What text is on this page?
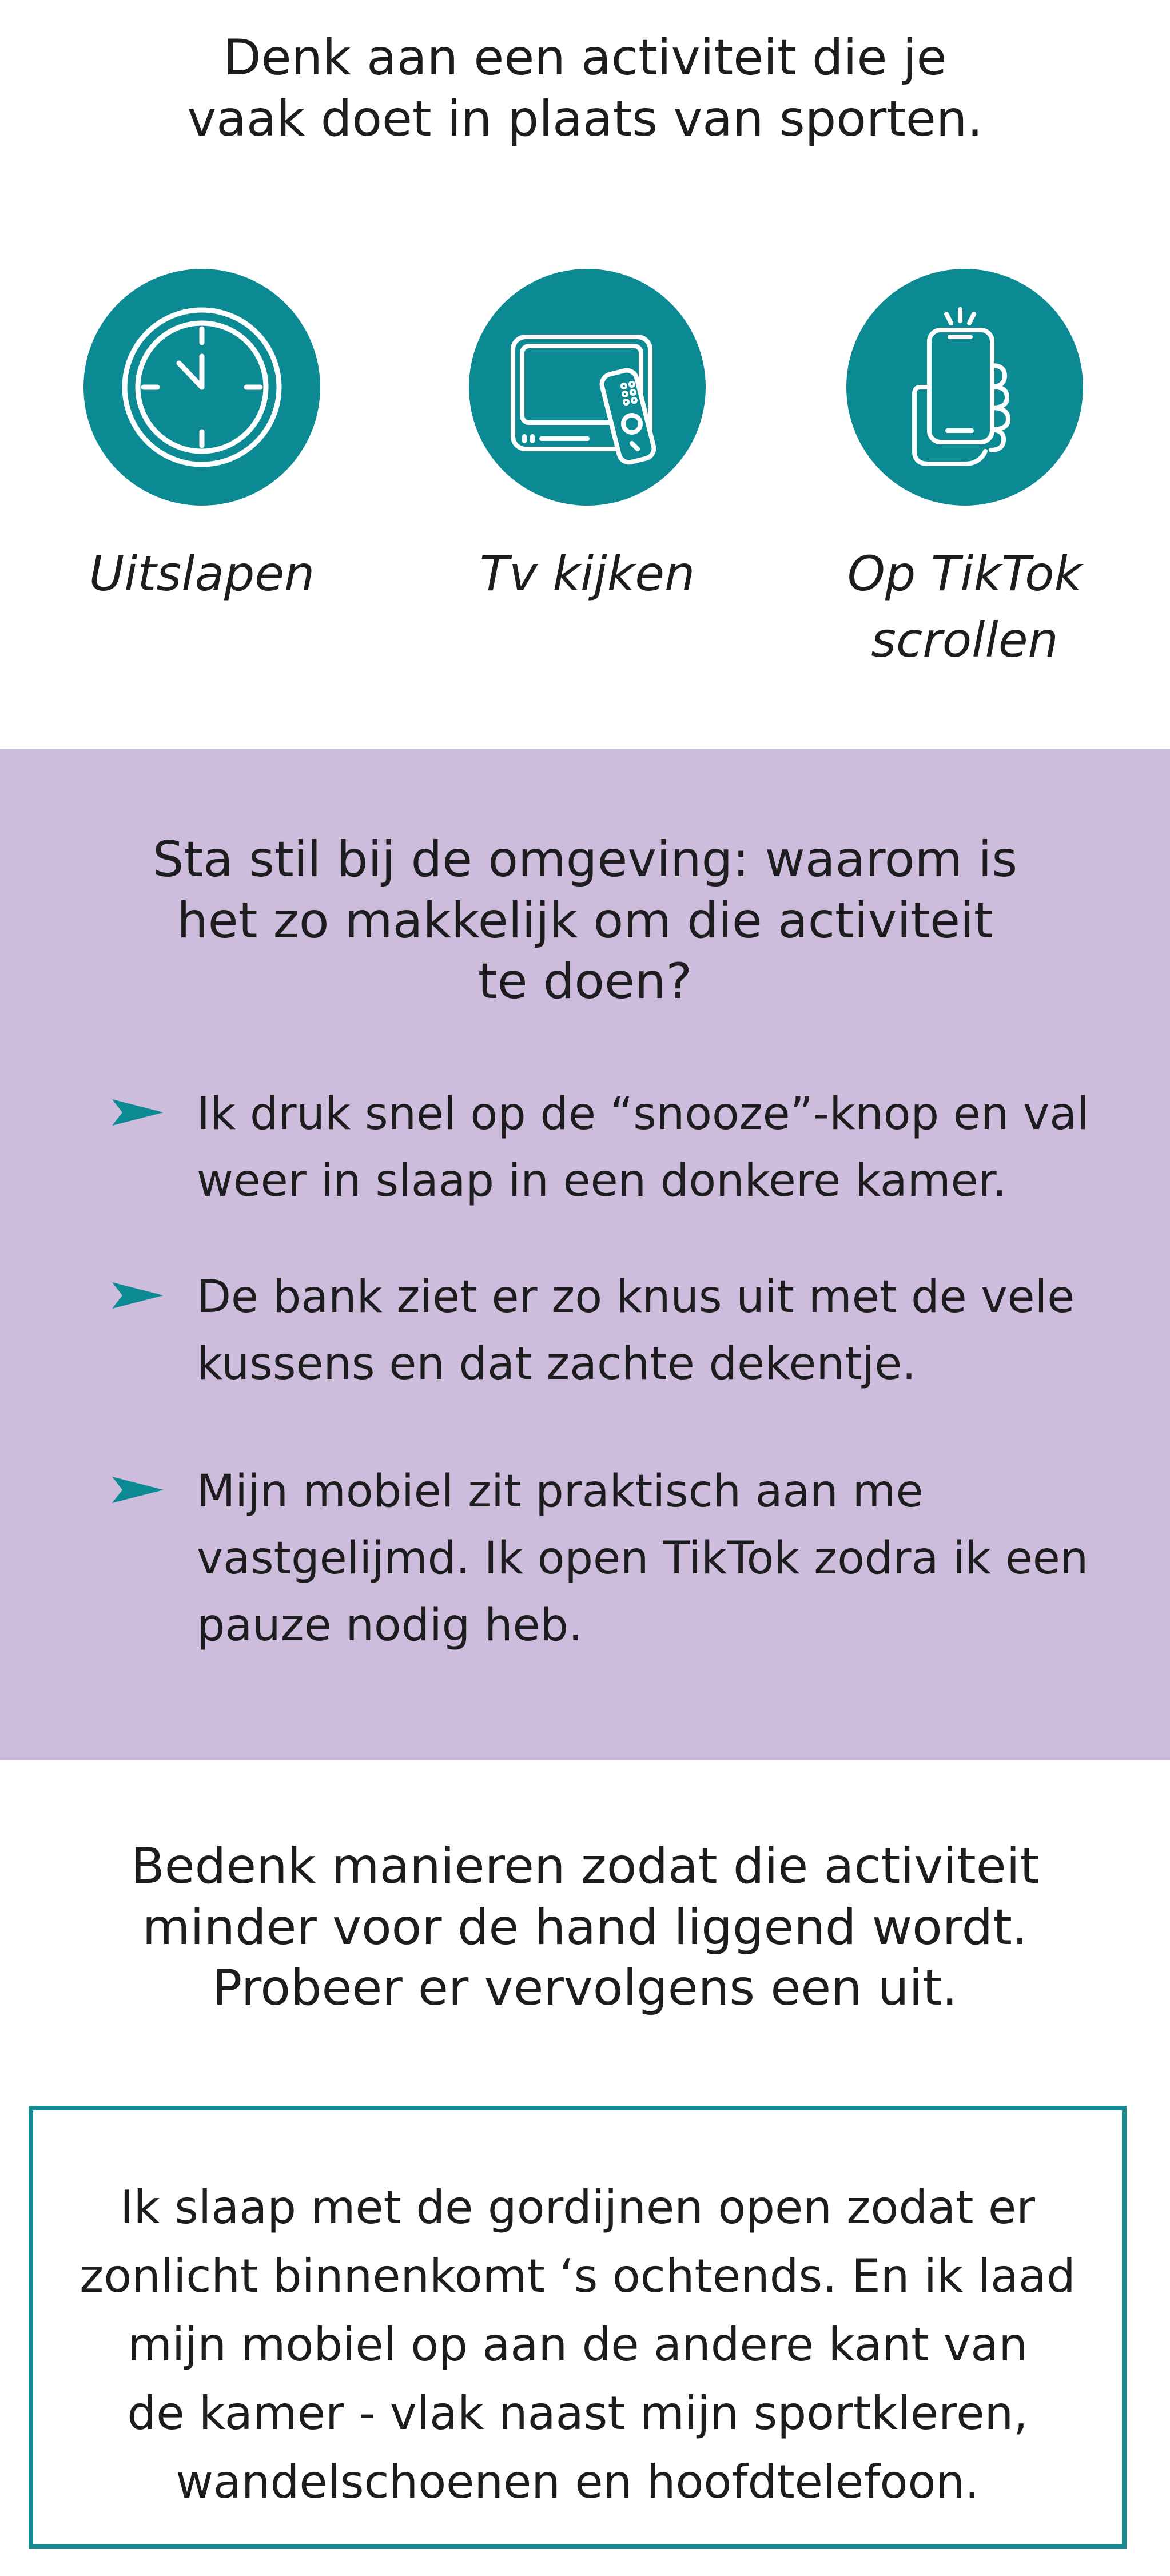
Denk aan een activiteit die je
vaak doet in plaats van sporten.
Uitslapen	Tv kijken	Op TikTok
scrollen
Sta stil bij de omgeving: waarom is
het zo makkelijk om die activiteit
te doen?
Ik druk snel op de “snooze”-knop en val
weer in slaap in een donkere kamer.
De bank ziet er zo knus uit met de vele
kussens en dat zachte dekentje.
Mijn mobiel zit praktisch aan me
vastgelijmd. Ik open TikTok zodra ik een
pauze nodig heb.
Bedenk manieren zodat die activiteit
minder voor de hand liggend wordt.
Probeer er vervolgens een uit.
Ik slaap met de gordijnen open zodat er
zonlicht binnenkomt ‘s ochtends. En ik laad
mijn mobiel op aan de andere kant van
de kamer - vlak naast mijn sportkleren,
wandelschoenen en hoofdtelefoon.
